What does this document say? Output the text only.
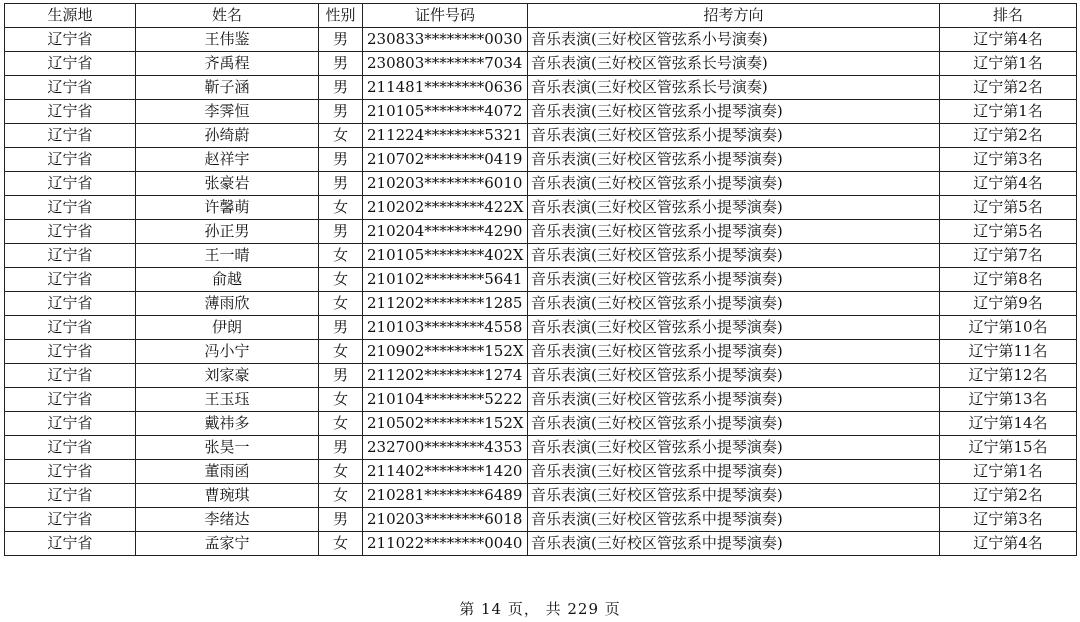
生源地	姓名	性别	证件号码	招考方向	排名
辽宁省	王伟鉴	男	230833********0030	音乐表演(三好校区管弦系小号演奏)	辽宁第4名
辽宁省	齐禹程	男	230803********7034	音乐表演(三好校区管弦系长号演奏)	辽宁第1名
辽宁省	靳子涵	男	211481********0636	音乐表演(三好校区管弦系长号演奏)	辽宁第2名
辽宁省	李霁恒	男	210105********4072	音乐表演(三好校区管弦系小提琴演奏)	辽宁第1名
辽宁省	孙绮蔚	女	211224********5321	音乐表演(三好校区管弦系小提琴演奏)	辽宁第2名
辽宁省	赵祥宇	男	210702********0419	音乐表演(三好校区管弦系小提琴演奏)	辽宁第3名
辽宁省	张豪岩	男	210203********6010	音乐表演(三好校区管弦系小提琴演奏)	辽宁第4名
辽宁省	许馨萌	女	210202********422X	音乐表演(三好校区管弦系小提琴演奏)	辽宁第5名
辽宁省	孙正男	男	210204********4290	音乐表演(三好校区管弦系小提琴演奏)	辽宁第5名
辽宁省	王一晴	女	210105********402X	音乐表演(三好校区管弦系小提琴演奏)	辽宁第7名
辽宁省	俞越	女	210102********5641	音乐表演(三好校区管弦系小提琴演奏)	辽宁第8名
辽宁省	薄雨欣	女	211202********1285	音乐表演(三好校区管弦系小提琴演奏)	辽宁第9名
辽宁省	伊朗	男	210103********4558	音乐表演(三好校区管弦系小提琴演奏)	辽宁第10名
辽宁省	冯小宁	女	210902********152X	音乐表演(三好校区管弦系小提琴演奏)	辽宁第11名
辽宁省	刘家豪	男	211202********1274	音乐表演(三好校区管弦系小提琴演奏)	辽宁第12名
辽宁省	王玉珏	女	210104********5222	音乐表演(三好校区管弦系小提琴演奏)	辽宁第13名
辽宁省	戴祎多	女	210502********152X	音乐表演(三好校区管弦系小提琴演奏)	辽宁第14名
辽宁省	张昊一	男	232700********4353	音乐表演(三好校区管弦系小提琴演奏)	辽宁第15名
辽宁省	董雨函	女	211402********1420	音乐表演(三好校区管弦系中提琴演奏)	辽宁第1名
辽宁省	曹琬琪	女	210281********6489	音乐表演(三好校区管弦系中提琴演奏)	辽宁第2名
辽宁省	李绪达	男	210203********6018	音乐表演(三好校区管弦系中提琴演奏)	辽宁第3名
辽宁省	孟家宁	女	211022********0040	音乐表演(三好校区管弦系中提琴演奏)	辽宁第4名
第 14 页， 共 229 页
